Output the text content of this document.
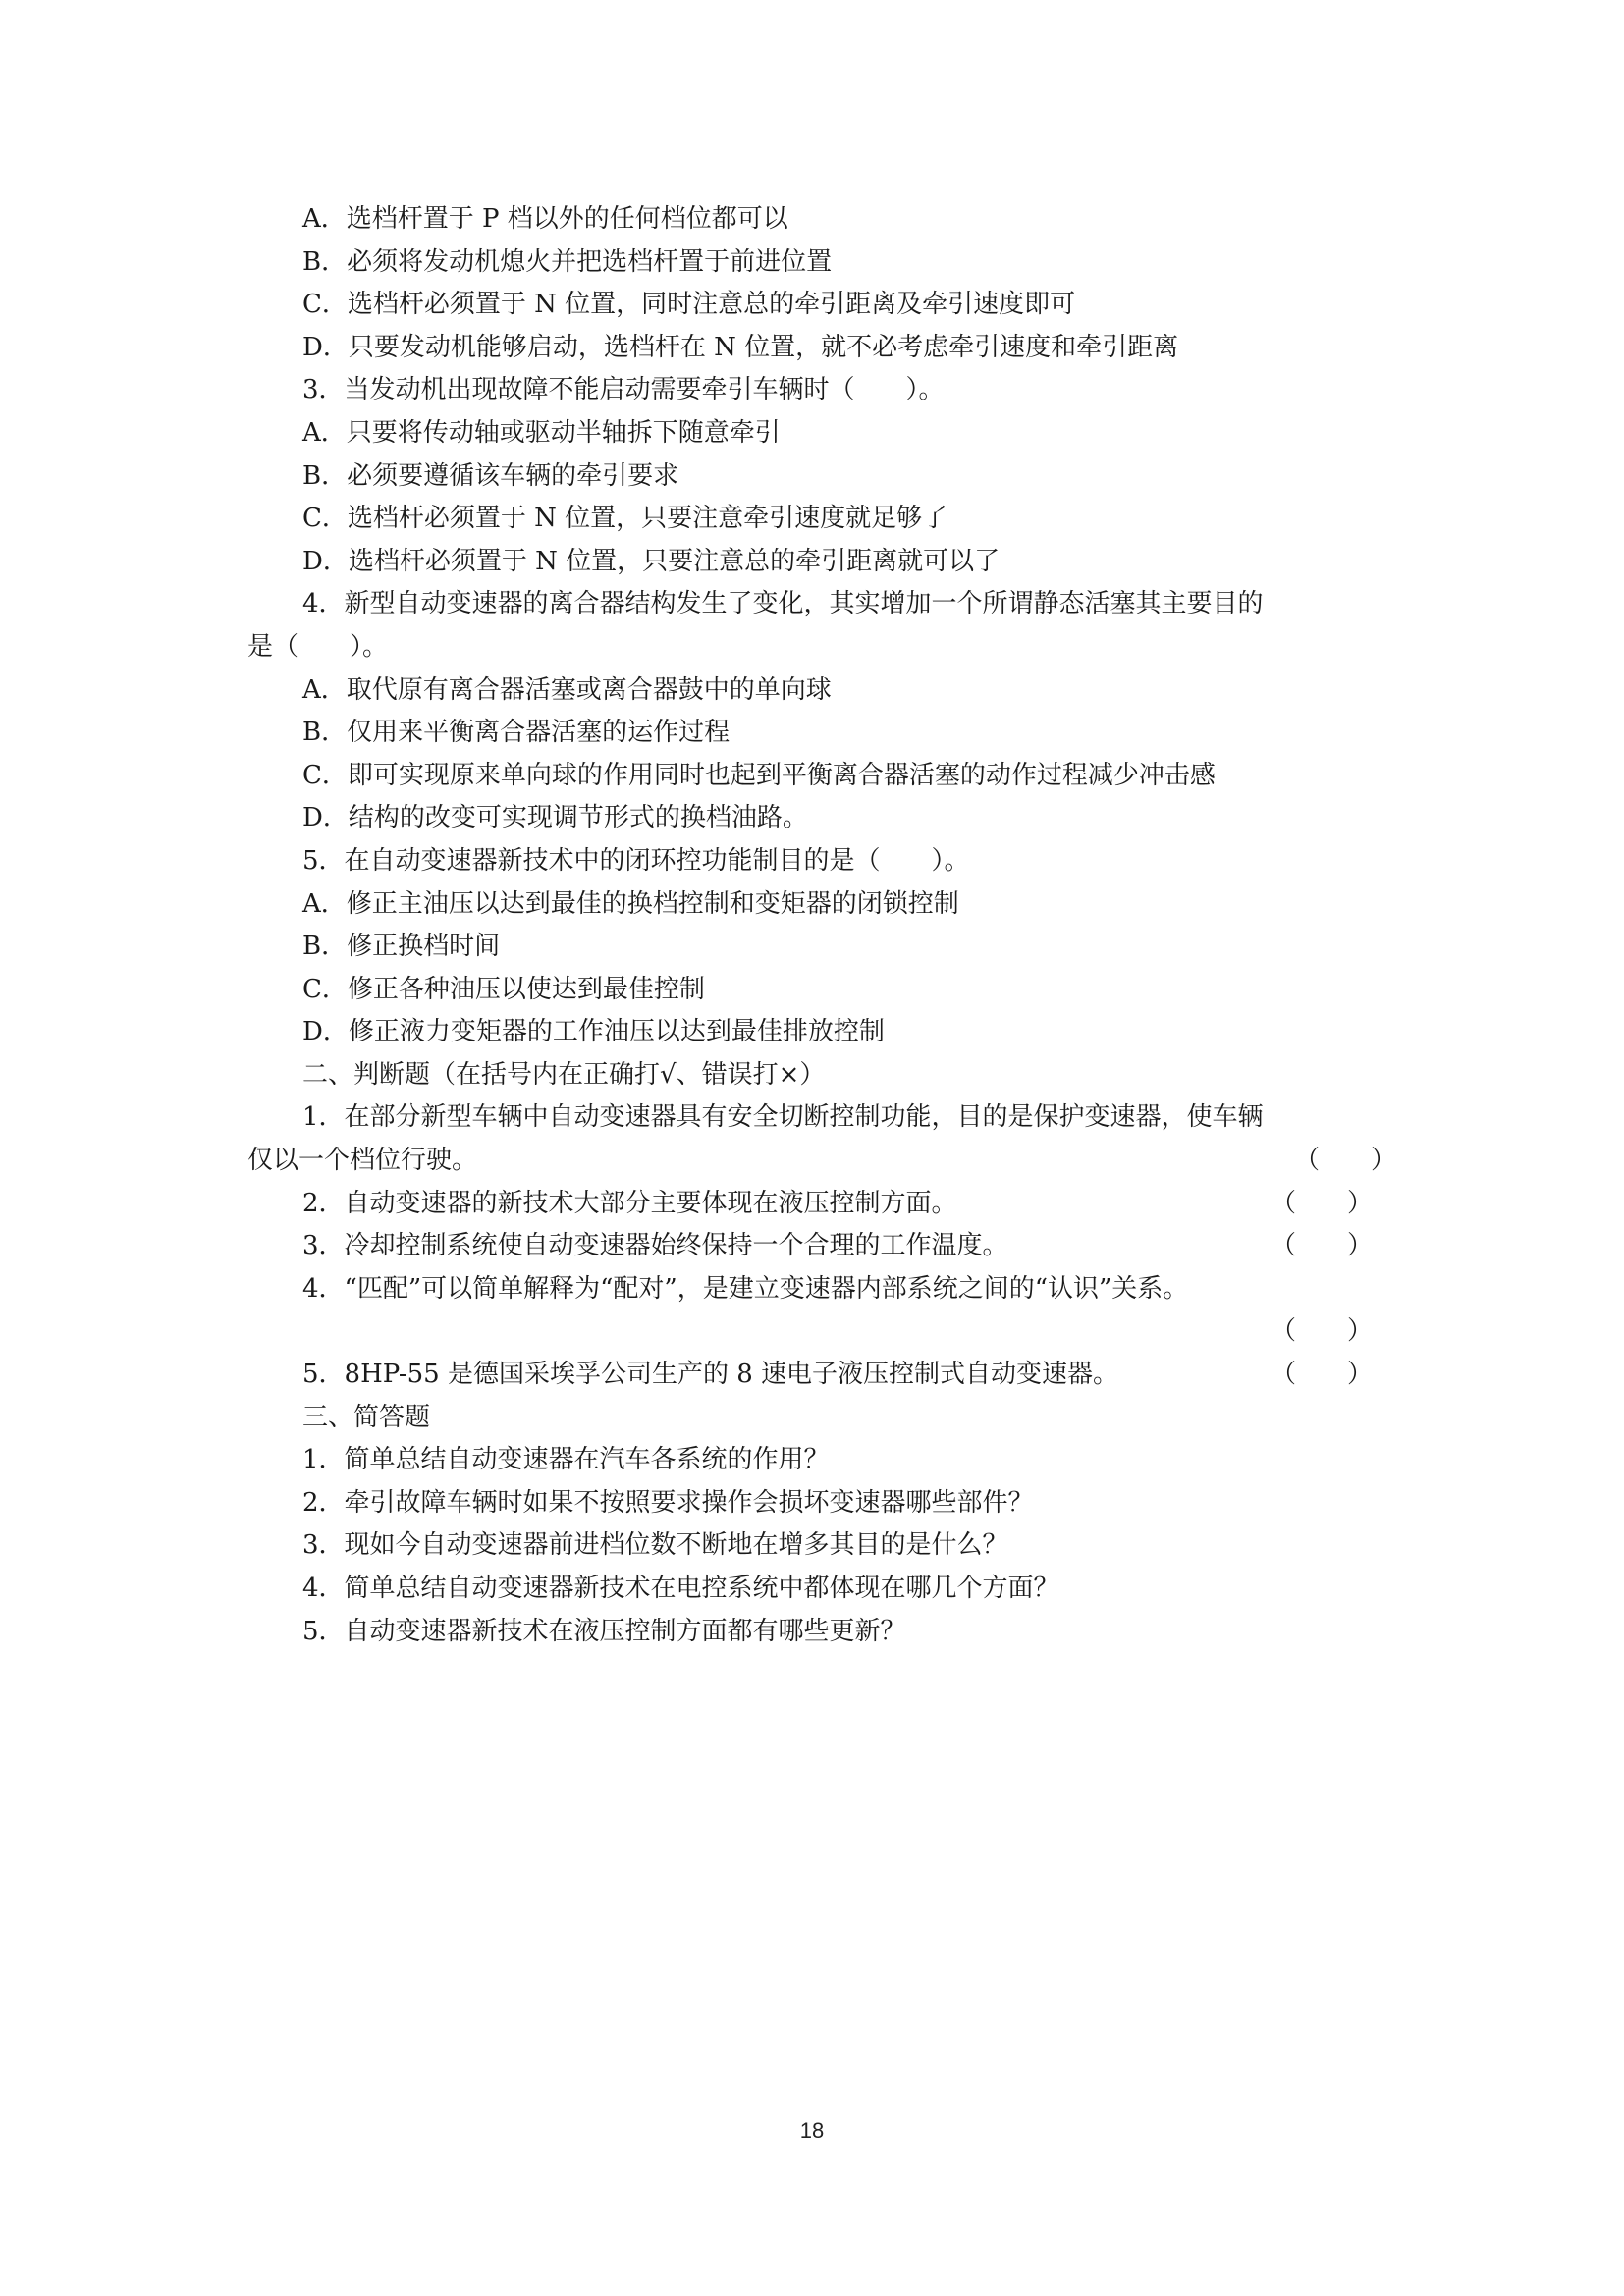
A．选档杆置于 P 档以外的任何档位都可以
B．必须将发动机熄火并把选档杆置于前进位置
C．选档杆必须置于 N 位置，同时注意总的牵引距离及牵引速度即可
D．只要发动机能够启动，选档杆在 N 位置，就不必考虑牵引速度和牵引距离
3．当发动机出现故障不能启动需要牵引车辆时（　　）。
A．只要将传动轴或驱动半轴拆下随意牵引
B．必须要遵循该车辆的牵引要求
C．选档杆必须置于 N 位置，只要注意牵引速度就足够了
D．选档杆必须置于 N 位置，只要注意总的牵引距离就可以了
4．新型自动变速器的离合器结构发生了变化，其实增加一个所谓静态活塞其主要目的
是（　　）。
A．取代原有离合器活塞或离合器鼓中的单向球
B．仅用来平衡离合器活塞的运作过程
C．即可实现原来单向球的作用同时也起到平衡离合器活塞的动作过程减少冲击感
D．结构的改变可实现调节形式的换档油路。
5．在自动变速器新技术中的闭环控功能制目的是（　　）。
A．修正主油压以达到最佳的换档控制和变矩器的闭锁控制
B．修正换档时间
C．修正各种油压以使达到最佳控制
D．修正液力变矩器的工作油压以达到最佳排放控制
二、判断题（在括号内在正确打√、错误打×）
1．在部分新型车辆中自动变速器具有安全切断控制功能，目的是保护变速器，使车辆
仅以一个档位行驶。	（　　）
2．自动变速器的新技术大部分主要体现在液压控制方面。	（　　）
3．冷却控制系统使自动变速器始终保持一个合理的工作温度。	（　　）
4．“匹配”可以简单解释为“配对”，是建立变速器内部系统之间的“认识”关系。
（　　）
5．8HP-55 是德国采埃孚公司生产的 8 速电子液压控制式自动变速器。	（　　）
三、简答题
1．简单总结自动变速器在汽车各系统的作用？
2．牵引故障车辆时如果不按照要求操作会损坏变速器哪些部件？
3．现如今自动变速器前进档位数不断地在增多其目的是什么？
4．简单总结自动变速器新技术在电控系统中都体现在哪几个方面？
5．自动变速器新技术在液压控制方面都有哪些更新？
18
